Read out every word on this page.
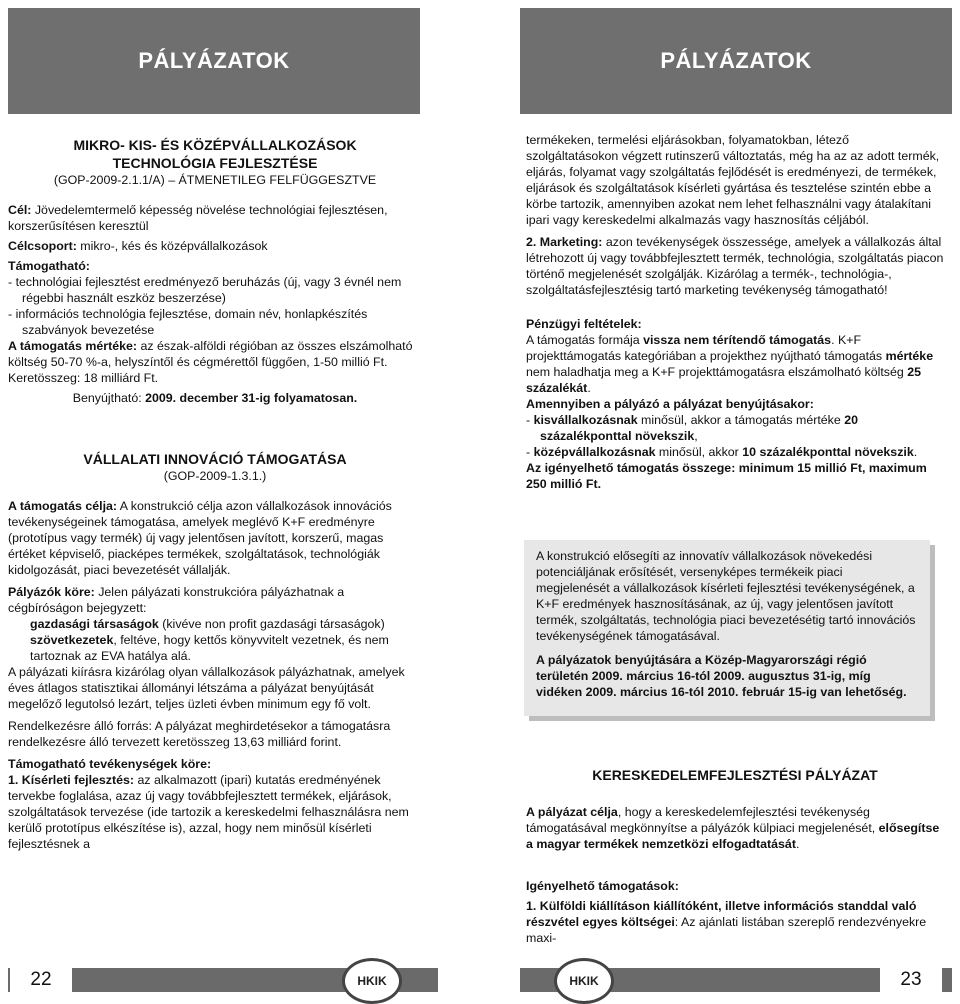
PÁLYÁZATOK	PÁLYÁZATOK

MIKRO- KIS- ÉS KÖZÉPVÁLLALKOZÁSOK

TECHNOLÓGIA FEJLESZTÉSE

(GOP-2009-2.1.1/A) – ÁTMENETILEG FELFÜGGESZTVE

Cél: Jövedelemtermelő képesség növelése technológiai fejlesztésen, korszerűsítésen keresztül

Célcsoport: mikro-, kés és középvállalkozások

Támogatható:

- technológiai fejlesztést eredményező beruházás (új, vagy 3 évnél nem régebbi használt eszköz beszerzése)

- információs technológia fejlesztése, domain név, honlapkészítés szabványok bevezetése

A támogatás mértéke: az észak-alföldi régióban az összes elszámolható költség 50-70 %-a, helyszíntől és cégmérettől függően, 1-50 millió Ft. Keretösszeg: 18 milliárd Ft.

Benyújtható: 2009. december 31-ig folyamatosan.

VÁLLALATI INNOVÁCIÓ TÁMOGATÁSA

(GOP-2009-1.3.1.)

A támogatás célja: A konstrukció célja azon vállalkozások innovációs tevékenységeinek támogatása, amelyek meglévő K+F eredményre (prototípus vagy termék) új vagy jelentősen javított, korszerű, magas értéket képviselő, piacképes termékek, szolgáltatások, technológiák kidolgozását, piaci bevezetését vállalják.

Pályázók köre: Jelen pályázati konstrukcióra pályázhatnak a cégbíróságon bejegyzett:

gazdasági társaságok (kivéve non profit gazdasági társaságok)

szövetkezetek, feltéve, hogy kettős könyvvitelt vezetnek, és nem tartoznak az EVA hatálya alá.

A pályázati kiírásra kizárólag olyan vállalkozások pályázhatnak, amelyek éves átlagos statisztikai állományi létszáma a pályázat benyújtását megelőző legutolsó lezárt, teljes üzleti évben minimum egy fő volt.

Rendelkezésre álló forrás: A pályázat meghirdetésekor a támogatásra rendelkezésre álló tervezett keretösszeg 13,63 milliárd forint.

Támogatható tevékenységek köre:

1. Kísérleti fejlesztés: az alkalmazott (ipari) kutatás eredményének tervekbe foglalása, azaz új vagy továbbfejlesztett termékek, eljárások, szolgáltatások tervezése (ide tartozik a kereskedelmi felhasználásra nem kerülő prototípus elkészítése is), azzal, hogy nem minősül kísérleti fejlesztésnek a

termékeken, termelési eljárásokban, folyamatokban, létező szolgáltatásokon végzett rutinszerű változtatás, még ha az az adott termék, eljárás, folyamat vagy szolgáltatás fejlődését is eredményezi, de termékek, eljárások és szolgáltatások kísérleti gyártása és tesztelése szintén ebbe a körbe tartozik, amennyiben azokat nem lehet felhasználni vagy átalakítani ipari vagy kereskedelmi alkalmazás vagy hasznosítás céljából.

2. Marketing: azon tevékenységek összessége, amelyek a vállalkozás által létrehozott új vagy továbbfejlesztett termék, technológia, szolgáltatás piacon történő megjelenését szolgálják. Kizárólag a termék-, technológia-, szolgáltatásfejlesztésig tartó marketing tevékenység támogatható!

Pénzügyi feltételek:

A támogatás formája vissza nem térítendő támogatás. K+F projekttámogatás kategóriában a projekthez nyújtható támogatás mértéke nem haladhatja meg a K+F projekttámogatásra elszámolható költség 25 százalékát.

Amennyiben a pályázó a pályázat benyújtásakor:

- kisvállalkozásnak minősül, akkor a támogatás mértéke 20 százalékponttal növekszik,

- középvállalkozásnak minősül, akkor 10 százalékponttal növekszik.

Az igényelhető támogatás összege: minimum 15 millió Ft, maximum 250 millió Ft.

A konstrukció elősegíti az innovatív vállalkozások növekedési potenciáljának erősítését, versenyképes termékeik piaci megjelenését a vállalkozások kísérleti fejlesztési tevékenységének, a K+F eredmények hasznosításának, az új, vagy jelentősen javított termék, szolgáltatás, technológia piaci bevezetésétig tartó innovációs tevékenységének támogatásával.

A pályázatok benyújtására a Közép-Magyarországi régió területén 2009. március 16-tól 2009. augusztus 31-ig, míg vidéken 2009. március 16-tól 2010. február 15-ig van lehetőség.

KERESKEDELEMFEJLESZTÉSI PÁLYÁZAT

A pályázat célja, hogy a kereskedelemfejlesztési tevékenység támogatásával megkönnyítse a pályázók külpiaci megjelenését, elősegítse a magyar termékek nemzetközi elfogadtatását.

Igényelhető támogatások:

1. Külföldi kiállításon kiállítóként, illetve információs standdal való részvétel egyes költségei: Az ajánlati listában szereplő rendezvényekre maxi-

22	23
HKIK	HKIK
